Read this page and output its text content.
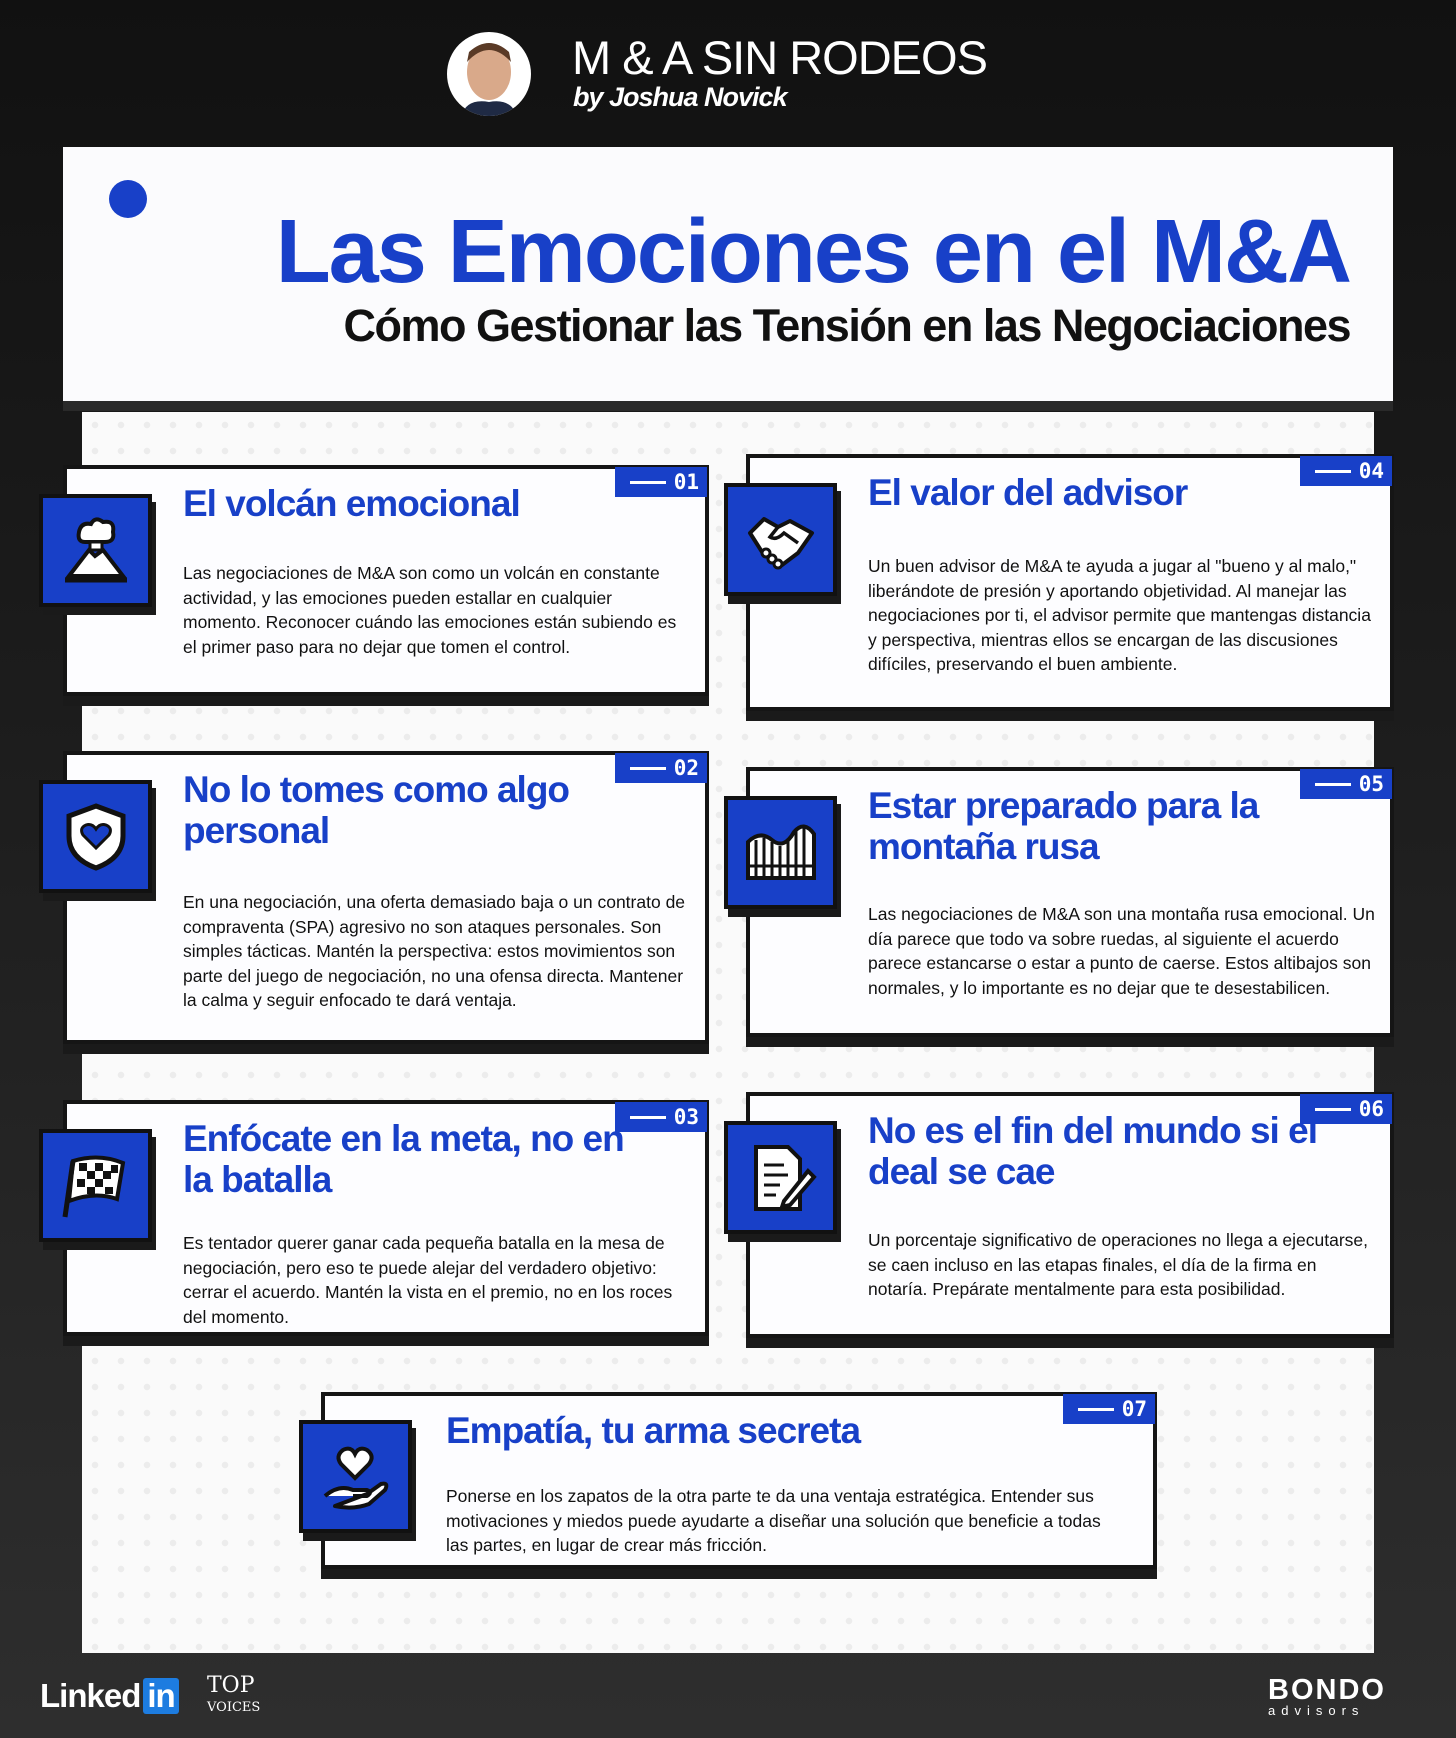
M & A SIN RODEOS
by Joshua Novick
Las Emociones en el M&A
Cómo Gestionar las Tensión en las Negociaciones
01
El volcán emocional
Las negociaciones de M&A son como un volcán en constante actividad, y las emociones pueden estallar en cualquier momento. Reconocer cuándo las emociones están subiendo es el primer paso para no dejar que tomen el control.
02
No lo tomes como algo personal
En una negociación, una oferta demasiado baja o un contrato de compraventa (SPA) agresivo no son ataques personales. Son simples tácticas. Mantén la perspectiva: estos movimientos son parte del juego de negociación, no una ofensa directa. Mantener la calma y seguir enfocado te dará ventaja.
03
Enfócate en la meta, no en la batalla
Es tentador querer ganar cada pequeña batalla en la mesa de negociación, pero eso te puede alejar del verdadero objetivo: cerrar el acuerdo. Mantén la vista en el premio, no en los roces del momento.
04
El valor del advisor
Un buen advisor de M&A te ayuda a jugar al "bueno y al malo," liberándote de presión y aportando objetividad. Al manejar las negociaciones por ti, el advisor permite que mantengas distancia y perspectiva, mientras ellos se encargan de las discusiones difíciles, preservando el buen ambiente.
05
Estar preparado para la montaña rusa
Las negociaciones de M&A son una montaña rusa emocional. Un día parece que todo va sobre ruedas, al siguiente el acuerdo parece estancarse o estar a punto de caerse. Estos altibajos son normales, y lo importante es no dejar que te desestabilicen.
06
No es el fin del mundo si el deal se cae
Un porcentaje significativo de operaciones no llega a ejecutarse, se caen incluso en las etapas finales, el día de la firma en notaría. Prepárate mentalmente para esta posibilidad.
07
Empatía, tu arma secreta
Ponerse en los zapatos de la otra parte te da una ventaja estratégica. Entender sus motivaciones y miedos puede ayudarte a diseñar una solución que beneficie a todas las partes, en lugar de crear más fricción.
Linked in TOP
VOICES
BONDO
advisors
